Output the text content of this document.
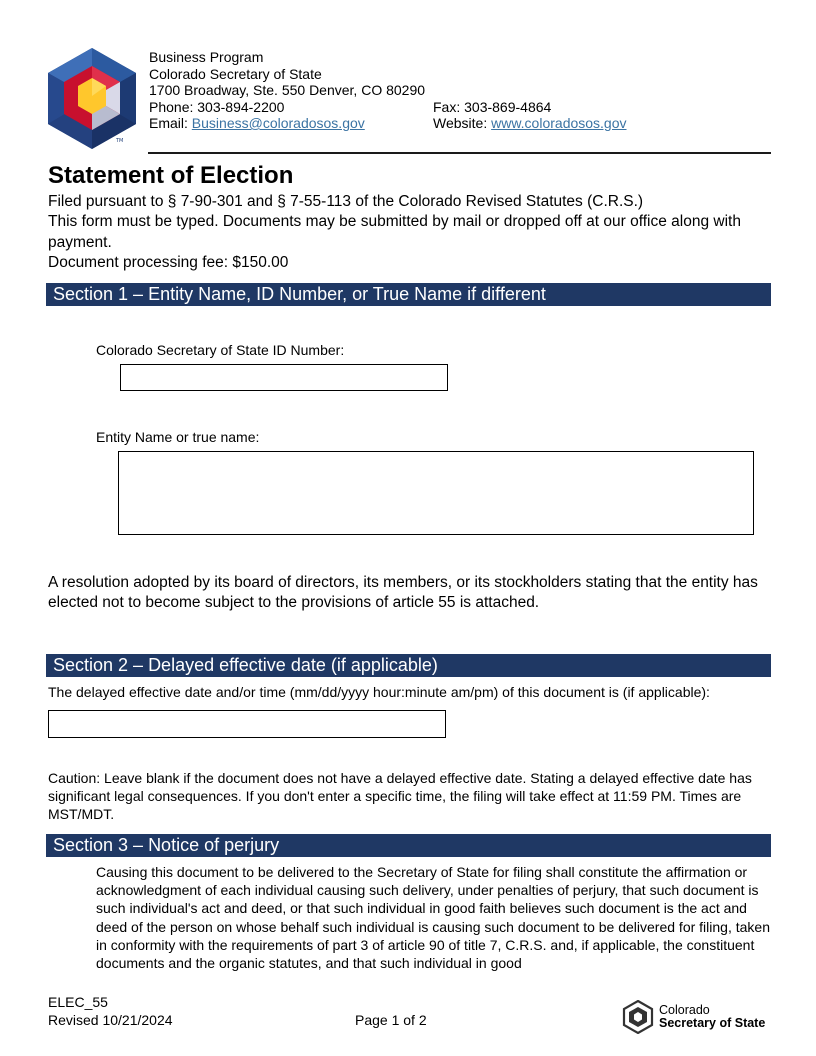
TM
Business Program
Colorado Secretary of State
1700 Broadway, Ste. 550 Denver, CO 80290
Phone: 303-894-2200	Fax: 303-869-4864
Email: Business@coloradosos.gov	Website: www.coloradosos.gov
Statement of Election
Filed pursuant to § 7-90-301 and § 7-55-113 of the Colorado Revised Statutes (C.R.S.)
This form must be typed. Documents may be submitted by mail or dropped off at our office along with payment.
Document processing fee: $150.00
Section 1 – Entity Name, ID Number, or True Name if different
Colorado Secretary of State ID Number:
Entity Name or true name:
A resolution adopted by its board of directors, its members, or its stockholders stating that the entity has elected not to become subject to the provisions of article 55 is attached.
Section 2 – Delayed effective date (if applicable)
The delayed effective date and/or time (mm/dd/yyyy hour:minute am/pm) of this document is (if applicable):
Caution: Leave blank if the document does not have a delayed effective date. Stating a delayed effective date has significant legal consequences. If you don't enter a specific time, the filing will take effect at 11:59 PM. Times are MST/MDT.
Section 3 – Notice of perjury
Causing this document to be delivered to the Secretary of State for filing shall constitute the affirmation or acknowledgment of each individual causing such delivery, under penalties of perjury, that such document is such individual's act and deed, or that such individual in good faith believes such document is the act and deed of the person on whose behalf such individual is causing such document to be delivered for filing, taken in conformity with the requirements of part 3 of article 90 of title 7, C.R.S. and, if applicable, the constituent documents and the organic statutes, and that such individual in good
ELEC_55
Revised 10/21/2024	Page 1 of 2
Colorado
Secretary of State
